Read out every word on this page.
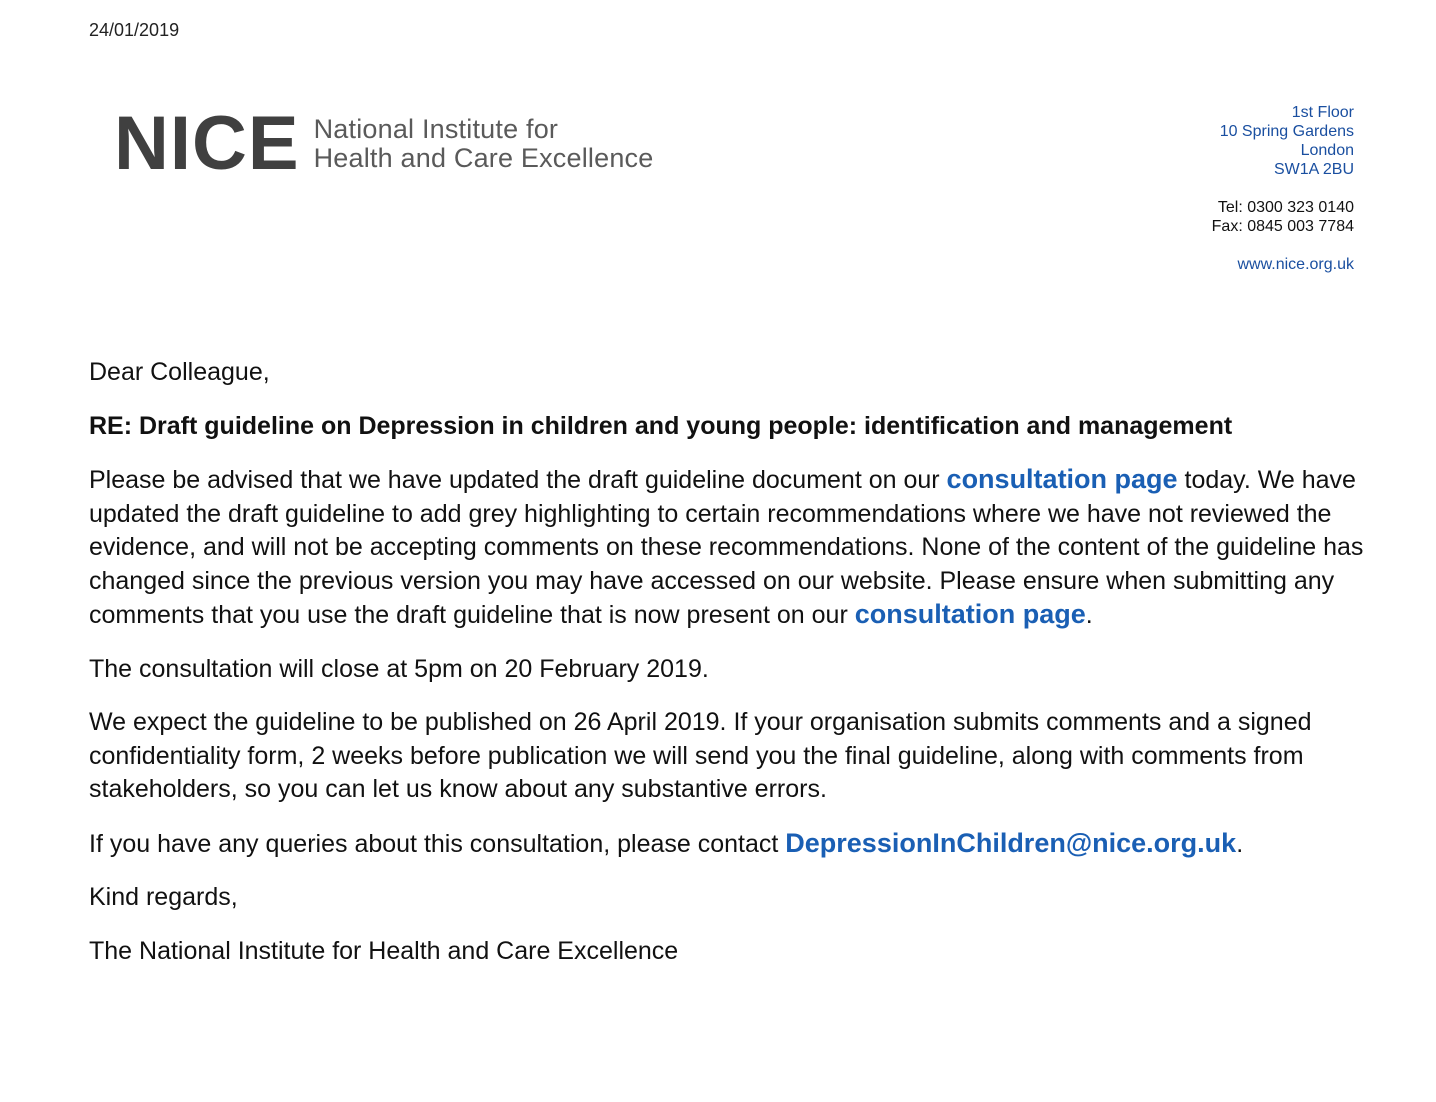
24/01/2019
NICE National Institute for
Health and Care Excellence
1st Floor
10 Spring Gardens
London
SW1A 2BU
Tel: 0300 323 0140
Fax: 0845 003 7784
www.nice.org.uk

Dear Colleague,

RE: Draft guideline on Depression in children and young people: identification and management

Please be advised that we have updated the draft guideline document on our consultation page today. We have updated the draft guideline to add grey highlighting to certain recommendations where we have not reviewed the evidence, and will not be accepting comments on these recommendations. None of the content of the guideline has changed since the previous version you may have accessed on our website. Please ensure when submitting any comments that you use the draft guideline that is now present on our consultation page.

The consultation will close at 5pm on 20 February 2019.

We expect the guideline to be published on 26 April 2019. If your organisation submits comments and a signed confidentiality form, 2 weeks before publication we will send you the final guideline, along with comments from stakeholders, so you can let us know about any substantive errors.

If you have any queries about this consultation, please contact DepressionInChildren@nice.org.uk.

Kind regards,

The National Institute for Health and Care Excellence
